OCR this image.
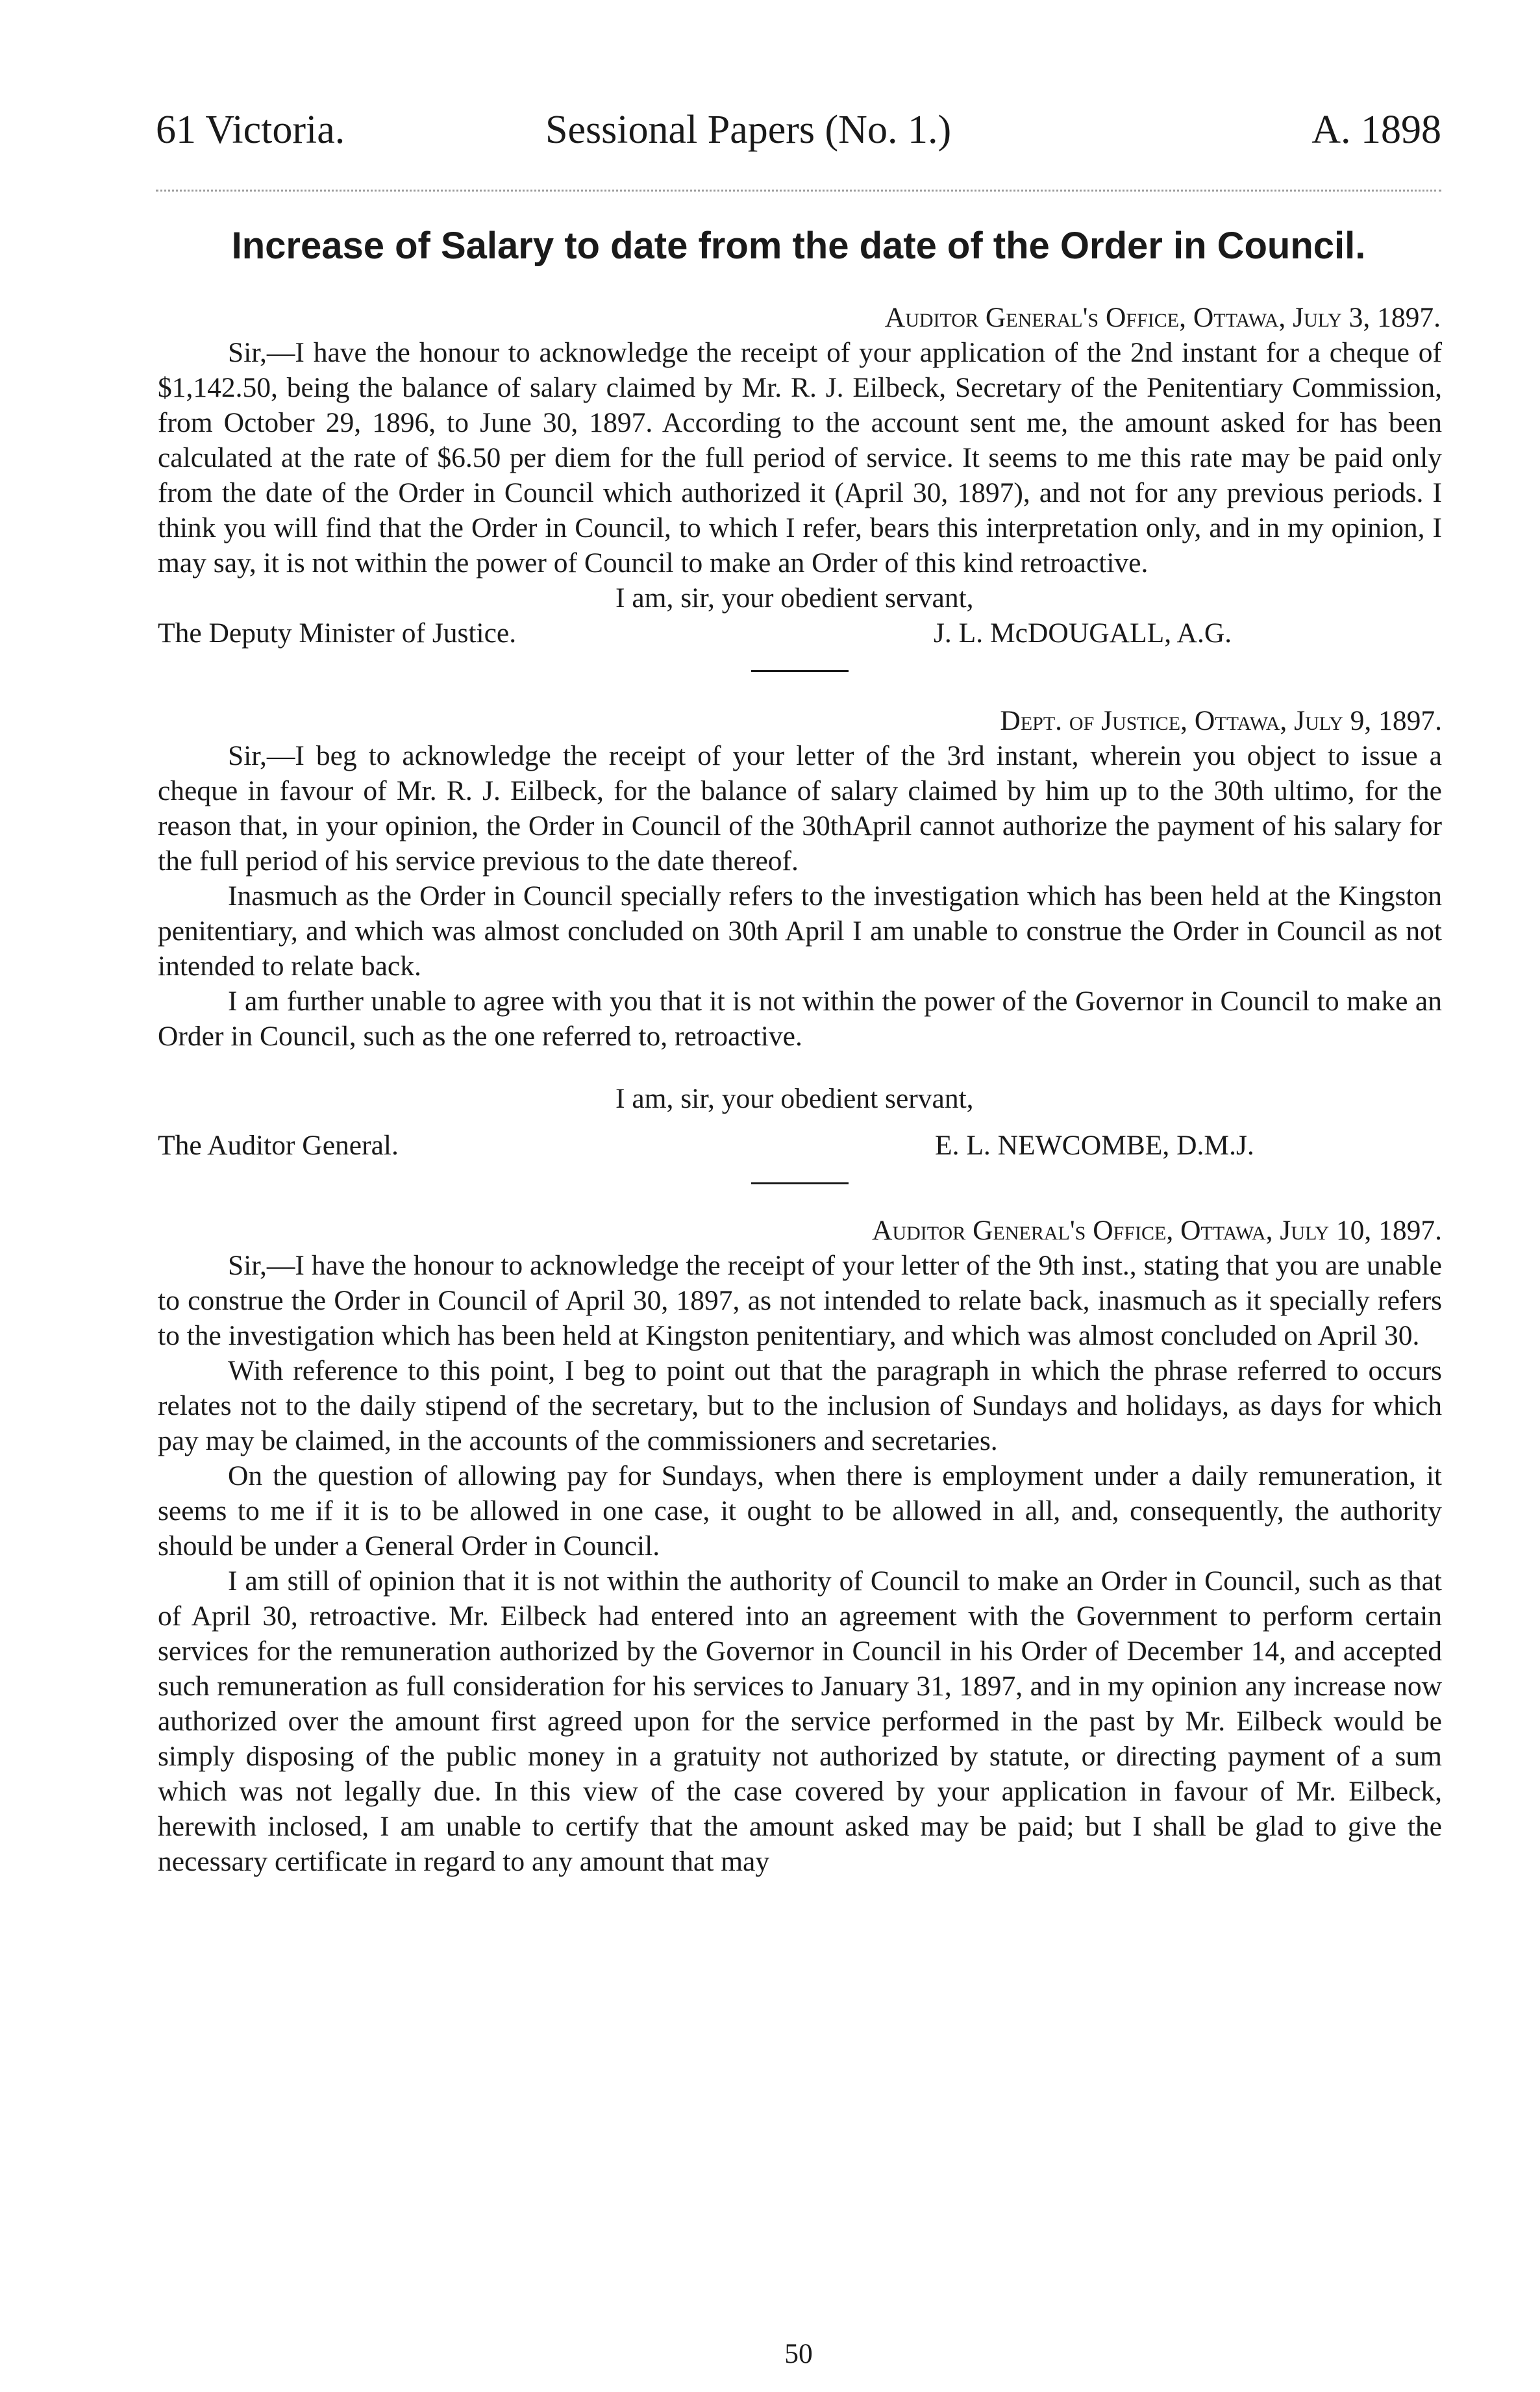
61 Victoria.	Sessional Papers (No. 1.)	A. 1898
Increase of Salary to date from the date of the Order in Council.
Auditor General's Office, Ottawa, July 3, 1897.

Sir,—I have the honour to acknowledge the receipt of your application of the 2nd instant for a cheque of $1,142.50, being the balance of salary claimed by Mr. R. J. Eilbeck, Secretary of the Penitentiary Commission, from October 29, 1896, to June 30, 1897. According to the account sent me, the amount asked for has been calculated at the rate of $6.50 per diem for the full period of service. It seems to me this rate may be paid only from the date of the Order in Council which authorized it (April 30, 1897), and not for any previous periods. I think you will find that the Order in Council, to which I refer, bears this interpretation only, and in my opinion, I may say, it is not within the power of Council to make an Order of this kind retroactive.

I am, sir, your obedient servant,
The Deputy Minister of Justice.	J. L. McDOUGALL, A.G.
Dept. of Justice, Ottawa, July 9, 1897.

Sir,—I beg to acknowledge the receipt of your letter of the 3rd instant, wherein you object to issue a cheque in favour of Mr. R. J. Eilbeck, for the balance of salary claimed by him up to the 30th ultimo, for the reason that, in your opinion, the Order in Council of the 30thApril cannot authorize the payment of his salary for the full period of his service previous to the date thereof.

Inasmuch as the Order in Council specially refers to the investigation which has been held at the Kingston penitentiary, and which was almost concluded on 30th April I am unable to construe the Order in Council as not intended to relate back.

I am further unable to agree with you that it is not within the power of the Governor in Council to make an Order in Council, such as the one referred to, retroactive.

I am, sir, your obedient servant,
The Auditor General.	E. L. NEWCOMBE, D.M.J.
Auditor General's Office, Ottawa, July 10, 1897.

Sir,—I have the honour to acknowledge the receipt of your letter of the 9th inst., stating that you are unable to construe the Order in Council of April 30, 1897, as not intended to relate back, inasmuch as it specially refers to the investigation which has been held at Kingston penitentiary, and which was almost concluded on April 30.

With reference to this point, I beg to point out that the paragraph in which the phrase referred to occurs relates not to the daily stipend of the secretary, but to the inclusion of Sundays and holidays, as days for which pay may be claimed, in the accounts of the commissioners and secretaries.

On the question of allowing pay for Sundays, when there is employment under a daily remuneration, it seems to me if it is to be allowed in one case, it ought to be allowed in all, and, consequently, the authority should be under a General Order in Council.

I am still of opinion that it is not within the authority of Council to make an Order in Council, such as that of April 30, retroactive. Mr. Eilbeck had entered into an agreement with the Government to perform certain services for the remuneration authorized by the Governor in Council in his Order of December 14, and accepted such remuneration as full consideration for his services to January 31, 1897, and in my opinion any increase now authorized over the amount first agreed upon for the service performed in the past by Mr. Eilbeck would be simply disposing of the public money in a gratuity not authorized by statute, or directing payment of a sum which was not legally due. In this view of the case covered by your application in favour of Mr. Eilbeck, herewith inclosed, I am unable to certify that the amount asked may be paid; but I shall be glad to give the necessary certificate in regard to any amount that may

50
